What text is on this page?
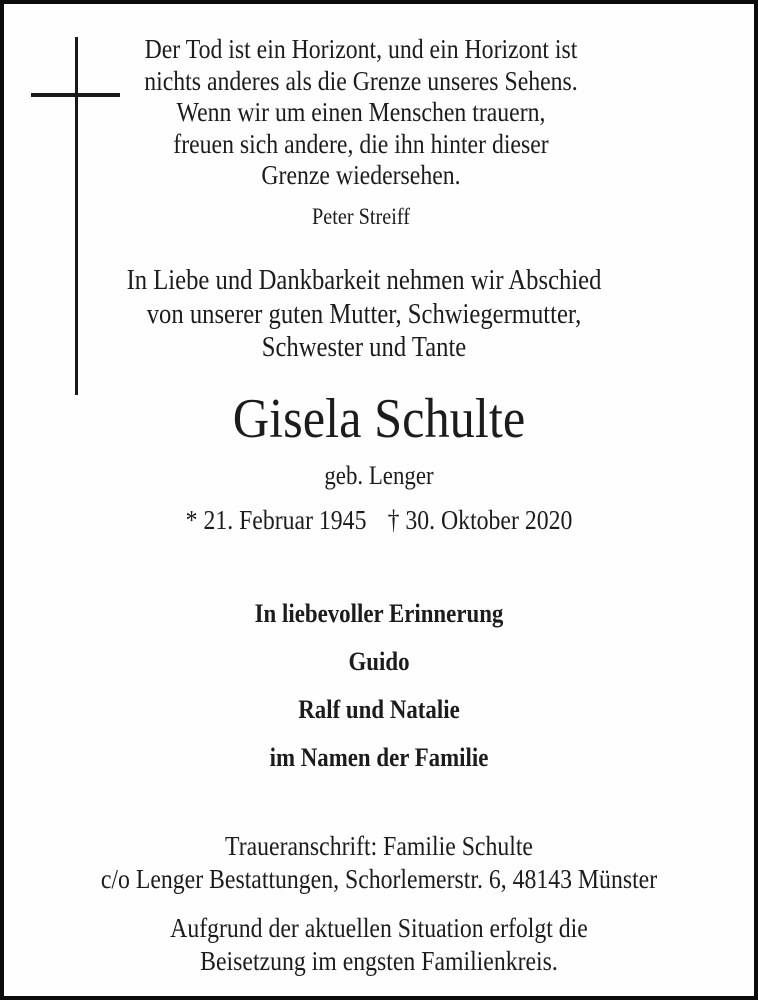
Der Tod ist ein Horizont, und ein Horizont ist
nichts anderes als die Grenze unseres Sehens.
Wenn wir um einen Menschen trauern,
freuen sich andere, die ihn hinter dieser
Grenze wiedersehen.
Peter Streiff
In Liebe und Dankbarkeit nehmen wir Abschied
von unserer guten Mutter, Schwiegermutter,
Schwester und Tante
Gisela Schulte
geb. Lenger
* 21. Februar 1945 † 30. Oktober 2020
In liebevoller Erinnerung
Guido
Ralf und Natalie
im Namen der Familie
Traueranschrift: Familie Schulte
c/o Lenger Bestattungen, Schorlemerstr. 6, 48143 Münster
Aufgrund der aktuellen Situation erfolgt die
Beisetzung im engsten Familienkreis.
